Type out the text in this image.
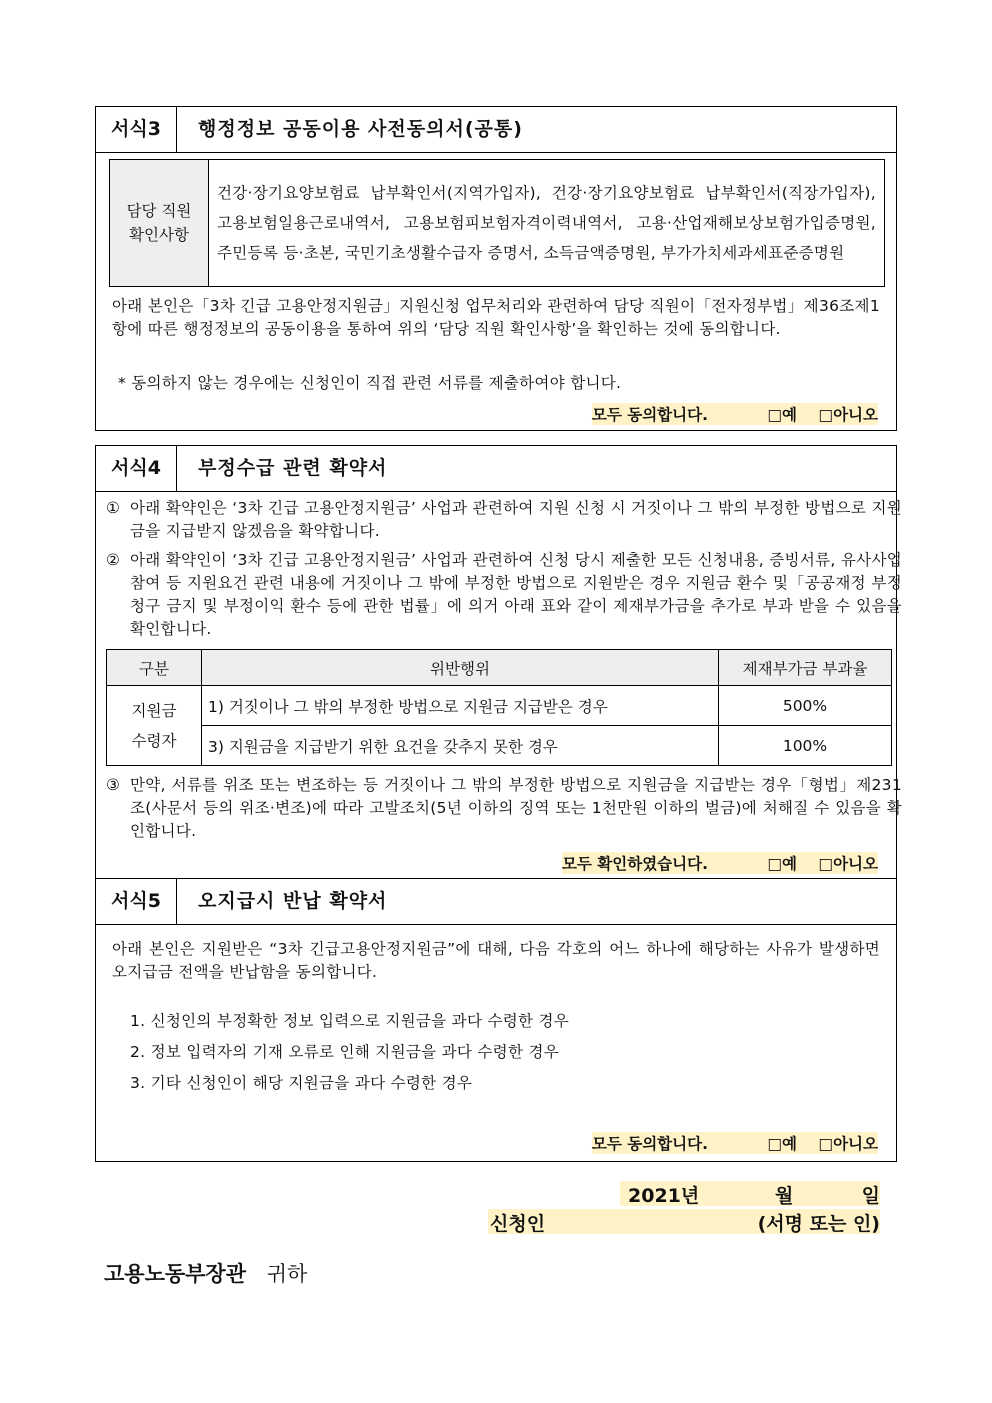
서식3	행정정보 공동이용 사전동의서(공통)
담당 직원
확인사항	건강·장기요양보험료 납부확인서(지역가입자), 건강·장기요양보험료 납부확인서(직장가입자), 고용보험일용근로내역서, 고용보험피보험자격이력내역서, 고용·산업재해보상보험가입증명원, 주민등록 등·초본, 국민기초생활수급자 증명서, 소득금액증명원, 부가가치세과세표준증명원
아래 본인은「3차 긴급 고용안정지원금」지원신청 업무처리와 관련하여 담당 직원이「전자정부법」제36조제1항에 따른 행정정보의 공동이용을 통하여 위의 ‘담당 직원 확인사항’을 확인하는 것에 동의합니다.
* 동의하지 않는 경우에는 신청인이 직접 관련 서류를 제출하여야 합니다.
모두 동의합니다.	□예 □아니오
서식4	부정수급 관련 확약서
① 아래 확약인은 ‘3차 긴급 고용안정지원금’ 사업과 관련하여 지원 신청 시 거짓이나 그 밖의 부정한 방법으로 지원금을 지급받지 않겠음을 확약합니다.
② 아래 확약인이 ‘3차 긴급 고용안정지원금’ 사업과 관련하여 신청 당시 제출한 모든 신청내용, 증빙서류, 유사사업 참여 등 지원요건 관련 내용에 거짓이나 그 밖에 부정한 방법으로 지원받은 경우 지원금 환수 및「공공재정 부정청구 금지 및 부정이익 환수 등에 관한 법률」에 의거 아래 표와 같이 제재부가금을 추가로 부과 받을 수 있음을 확인합니다.
구분	위반행위	제재부가금 부과율
지원금
수령자	1) 거짓이나 그 밖의 부정한 방법으로 지원금 지급받은 경우	500%
	3) 지원금을 지급받기 위한 요건을 갖추지 못한 경우	100%
③ 만약, 서류를 위조 또는 변조하는 등 거짓이나 그 밖의 부정한 방법으로 지원금을 지급받는 경우「형법」제231조(사문서 등의 위조·변조)에 따라 고발조치(5년 이하의 징역 또는 1천만원 이하의 벌금)에 처해질 수 있음을 확인합니다.
모두 확인하였습니다.	□예 □아니오
서식5	오지급시 반납 확약서
아래 본인은 지원받은 “3차 긴급고용안정지원금”에 대해, 다음 각호의 어느 하나에 해당하는 사유가 발생하면 오지급금 전액을 반납함을 동의합니다.
1. 신청인의 부정확한 정보 입력으로 지원금을 과다 수령한 경우
2. 정보 입력자의 기재 오류로 인해 지원금을 과다 수령한 경우
3. 기타 신청인이 해당 지원금을 과다 수령한 경우
모두 동의합니다.	□예 □아니오
2021년	월	일
신청인	(서명 또는 인)
고용노동부장관 귀하
